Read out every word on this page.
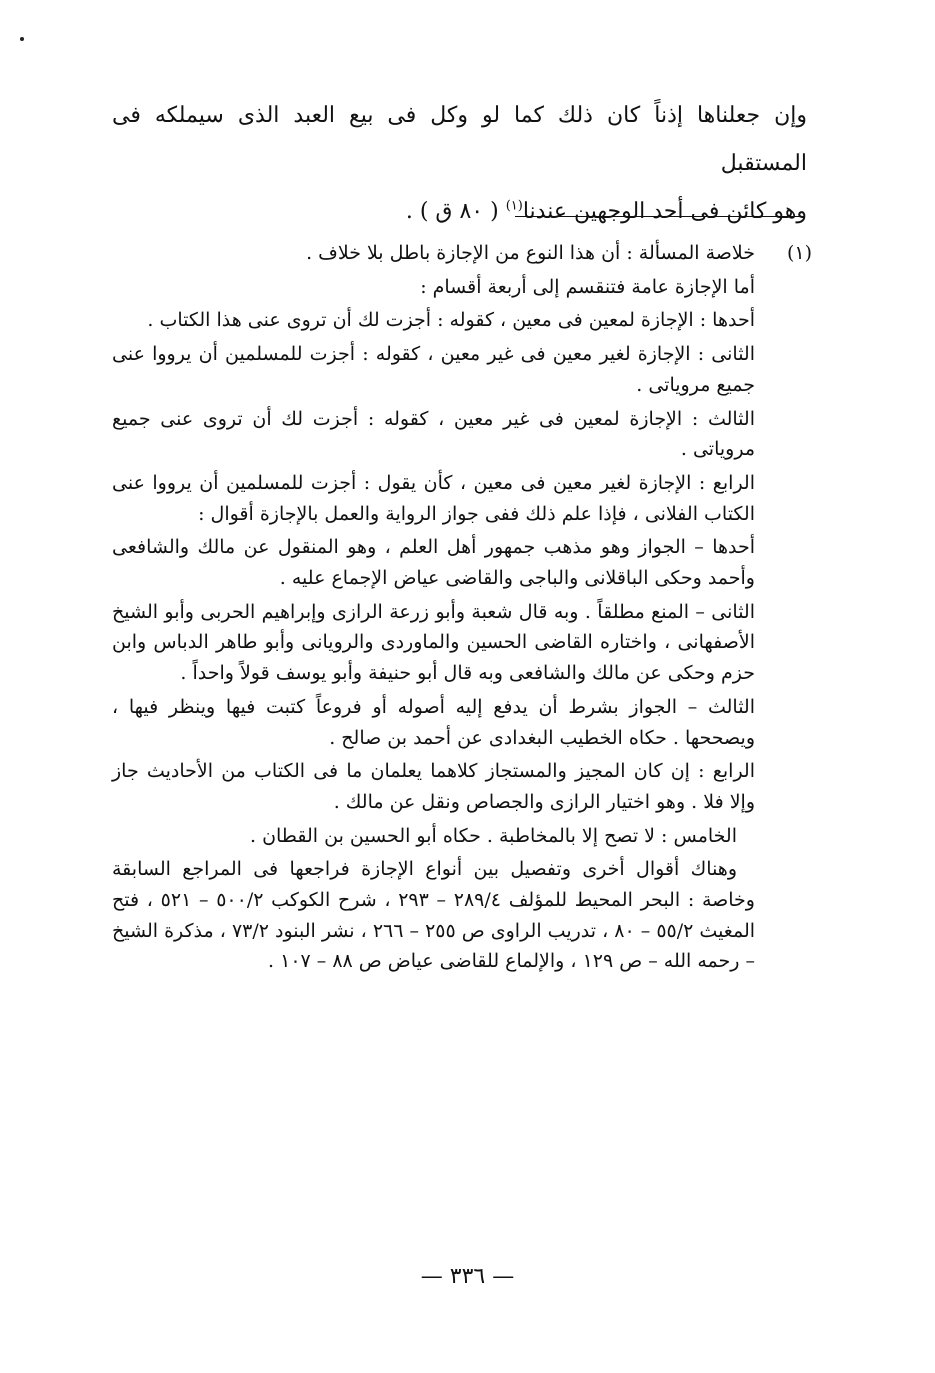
وإن جعلناها إذناً كان ذلك كما لو وكل فى بيع العبد الذى سيملكه فى المستقبل

وهو كائن فى أحد الوجهين عندنا$^{(١)}$ ( ٨٠ ق ) .

(١)

خلاصة المسألة : أن هذا النوع من الإجازة باطل بلا خلاف .

أما الإجازة عامة فتنقسم إلى أربعة أقسام :

أحدها : الإجازة لمعين فى معين ، كقوله : أجزت لك أن تروى عنى هذا الكتاب .

الثانى : الإجازة لغير معين فى غير معين ، كقوله : أجزت للمسلمين أن يرووا عنى جميع مروياتى .

الثالث : الإجازة لمعين فى غير معين ، كقوله : أجزت لك أن تروى عنى جميع مروياتى .

الرابع : الإجازة لغير معين فى معين ، كأن يقول : أجزت للمسلمين أن يرووا عنى الكتاب الفلانى ، فإذا علم ذلك ففى جواز الرواية والعمل بالإجازة أقوال :

أحدها – الجواز وهو مذهب جمهور أهل العلم ، وهو المنقول عن مالك والشافعى وأحمد وحكى الباقلانى والباجى والقاضى عياض الإجماع عليه .

الثانى – المنع مطلقاً . وبه قال شعبة وأبو زرعة الرازى وإبراهيم الحربى وأبو الشيخ الأصفهانى ، واختاره القاضى الحسين والماوردى والرويانى وأبو طاهر الدباس وابن حزم وحكى عن مالك والشافعى وبه قال أبو حنيفة وأبو يوسف قولاً واحداً .

الثالث – الجواز بشرط أن يدفع إليه أصوله أو فروعاً كتبت فيها وينظر فيها ، ويصححها . حكاه الخطيب البغدادى عن أحمد بن صالح .

الرابع : إن كان المجيز والمستجاز كلاهما يعلمان ما فى الكتاب من الأحاديث جاز وإلا فلا . وهو اختيار الرازى والجصاص ونقل عن مالك .

الخامس : لا تصح إلا بالمخاطبة . حكاه أبو الحسين بن القطان .

وهناك أقوال أخرى وتفصيل بين أنواع الإجازة فراجعها فى المراجع السابقة وخاصة : البحر المحيط للمؤلف ٢٨٩/٤ – ٢٩٣ ، شرح الكوكب ٥٠٠/٢ – ٥٢١ ، فتح المغيث ٥٥/٢ – ٨٠ ، تدريب الراوى ص ٢٥٥ – ٢٦٦ ، نشر البنود ٧٣/٢ ، مذكرة الشيخ – رحمه الله – ص ١٢٩ ، والإلماع للقاضى عياض ص ٨٨ – ١٠٧ .

— ٣٣٦ —
